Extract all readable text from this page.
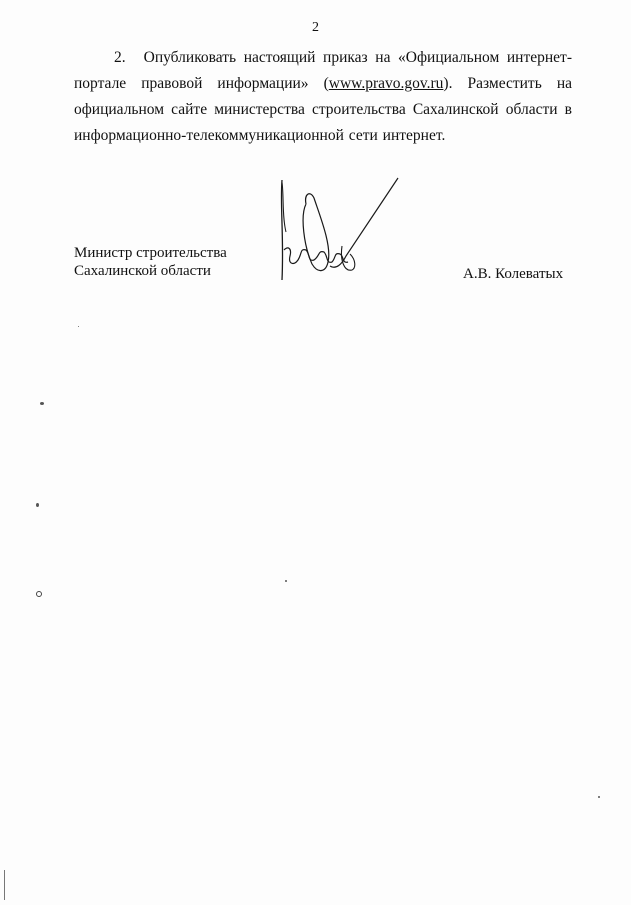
2
2. Опубликовать настоящий приказ на «Официальном интернет-портале правовой информации» (www.pravo.gov.ru). Разместить на официальном сайте министерства строительства Сахалинской области в информационно-телекоммуникационной сети интернет.
Министр строительства
Сахалинской области	А.В. Колеватых
